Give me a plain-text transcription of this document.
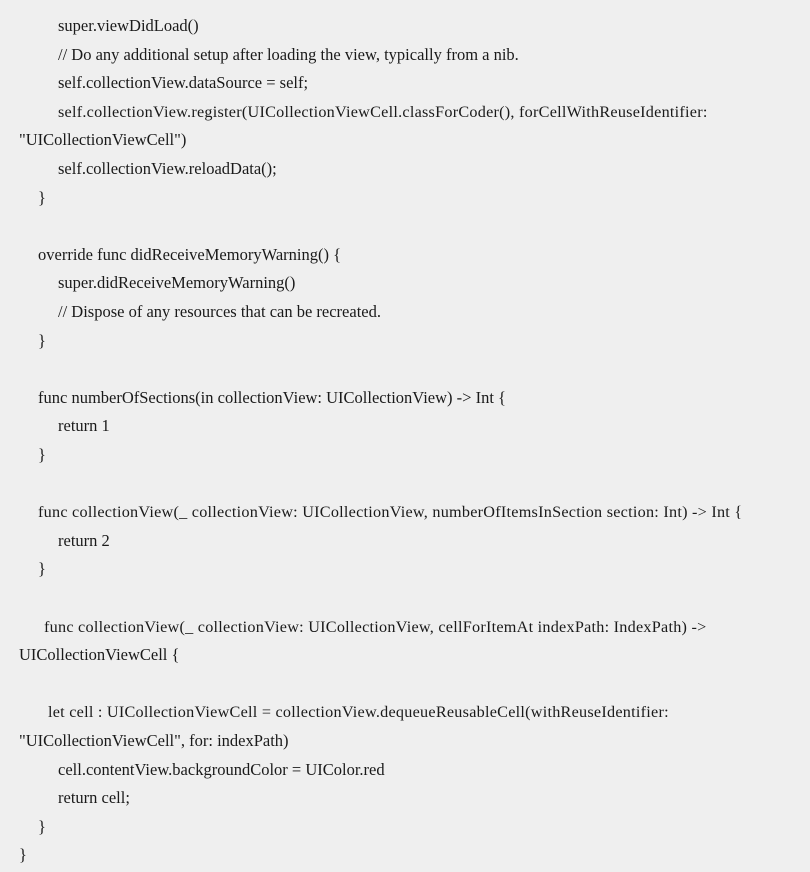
super.viewDidLoad()
// Do any additional setup after loading the view, typically from a nib.
self.collectionView.dataSource = self;
self.collectionView.register(UICollectionViewCell.classForCoder(), forCellWithReuseIdentifier:
"UICollectionViewCell")
self.collectionView.reloadData();
}
override func didReceiveMemoryWarning() {
super.didReceiveMemoryWarning()
// Dispose of any resources that can be recreated.
}
func numberOfSections(in collectionView: UICollectionView) -> Int {
return 1
}
func collectionView(_ collectionView: UICollectionView, numberOfItemsInSection section: Int) -> Int {
return 2
}
func collectionView(_ collectionView: UICollectionView, cellForItemAt indexPath: IndexPath) ->
UICollectionViewCell {
let cell : UICollectionViewCell = collectionView.dequeueReusableCell(withReuseIdentifier:
"UICollectionViewCell", for: indexPath)
cell.contentView.backgroundColor = UIColor.red
return cell;
}
}
